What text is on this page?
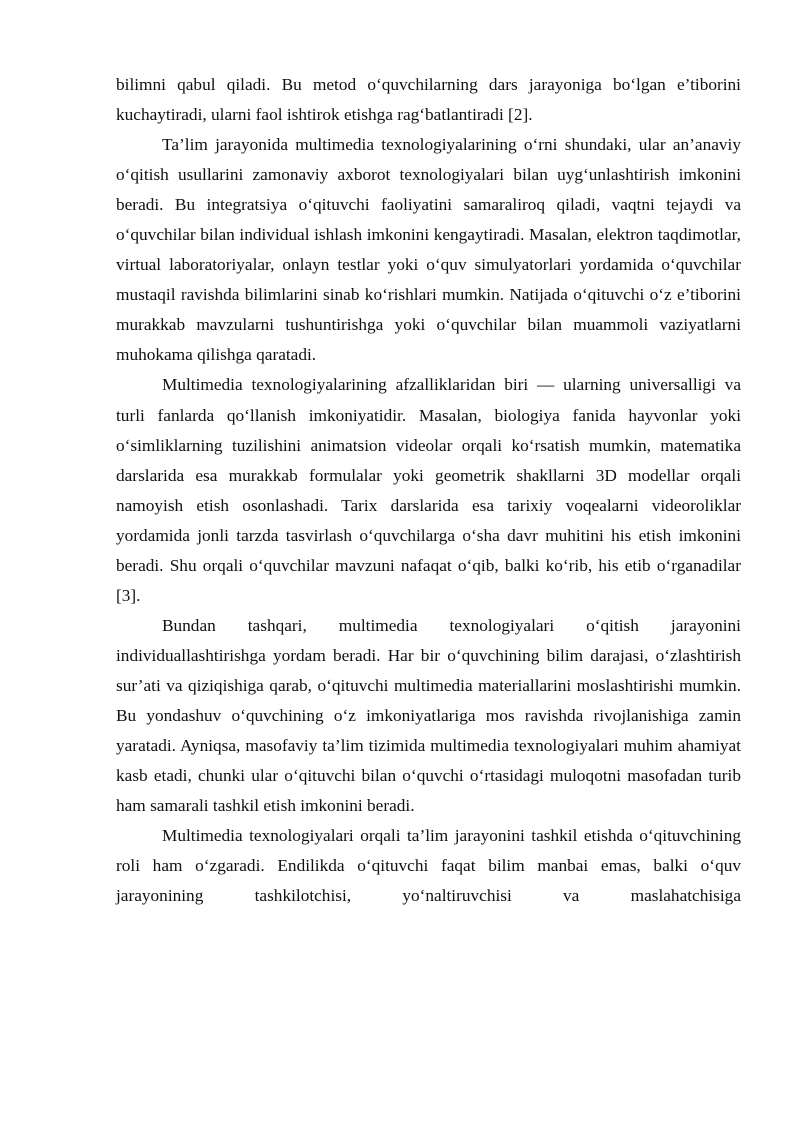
bilimni qabul qiladi. Bu metod o‘quvchilarning dars jarayoniga bo‘lgan e’tiborini kuchaytiradi, ularni faol ishtirok etishga rag‘batlantiradi [2].

Ta’lim jarayonida multimedia texnologiyalarining o‘rni shundaki, ular an’anaviy o‘qitish usullarini zamonaviy axborot texnologiyalari bilan uyg‘unlashtirish imkonini beradi. Bu integratsiya o‘qituvchi faoliyatini samaraliroq qiladi, vaqtni tejaydi va o‘quvchilar bilan individual ishlash imkonini kengaytiradi. Masalan, elektron taqdimotlar, virtual laboratoriyalar, onlayn testlar yoki o‘quv simulyatorlari yordamida o‘quvchilar mustaqil ravishda bilimlarini sinab ko‘rishlari mumkin. Natijada o‘qituvchi o‘z e’tiborini murakkab mavzularni tushuntirishga yoki o‘quvchilar bilan muammoli vaziyatlarni muhokama qilishga qaratadi.

Multimedia texnologiyalarining afzalliklaridan biri — ularning universalligi va turli fanlarda qo‘llanish imkoniyatidir. Masalan, biologiya fanida hayvonlar yoki o‘simliklarning tuzilishini animatsion videolar orqali ko‘rsatish mumkin, matematika darslarida esa murakkab formulalar yoki geometrik shakllarni 3D modellar orqali namoyish etish osonlashadi. Tarix darslarida esa tarixiy voqealarni videoroliklar yordamida jonli tarzda tasvirlash o‘quvchilarga o‘sha davr muhitini his etish imkonini beradi. Shu orqali o‘quvchilar mavzuni nafaqat o‘qib, balki ko‘rib, his etib o‘rganadilar [3].

Bundan tashqari, multimedia texnologiyalari o‘qitish jarayonini individuallashtirishga yordam beradi. Har bir o‘quvchining bilim darajasi, o‘zlashtirish sur’ati va qiziqishiga qarab, o‘qituvchi multimedia materiallarini moslashtirishi mumkin. Bu yondashuv o‘quvchining o‘z imkoniyatlariga mos ravishda rivojlanishiga zamin yaratadi. Ayniqsa, masofaviy ta’lim tizimida multimedia texnologiyalari muhim ahamiyat kasb etadi, chunki ular o‘qituvchi bilan o‘quvchi o‘rtasidagi muloqotni masofadan turib ham samarali tashkil etish imkonini beradi.

Multimedia texnologiyalari orqali ta’lim jarayonini tashkil etishda o‘qituvchining roli ham o‘zgaradi. Endilikda o‘qituvchi faqat bilim manbai emas, balki o‘quv jarayonining tashkilotchisi, yo‘naltiruvchisi va maslahatchisiga
